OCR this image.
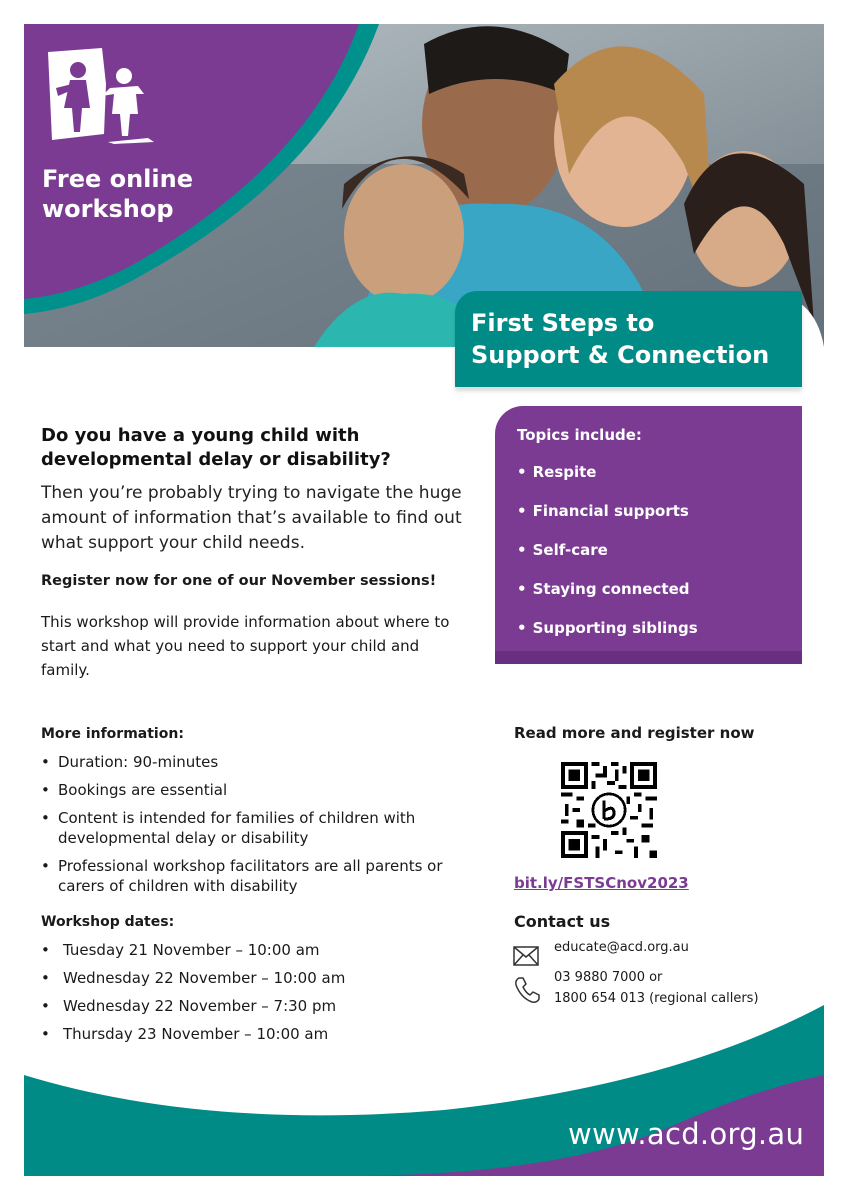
Free online
workshop
First Steps to
Support & Connection
Do you have a young child with developmental delay or disability?
Then you’re probably trying to navigate the huge amount of information that’s available to find out what support your child needs.
Register now for one of our November sessions!
This workshop will provide information about where to start and what you need to support your child and family.
Topics include:
• Respite
• Financial supports
• Self-care
• Staying connected
• Supporting siblings
More information:
• Duration: 90-minutes
• Bookings are essential
• Content is intended for families of children with developmental delay or disability
• Professional workshop facilitators are all parents or carers of children with disability
Workshop dates:
• Tuesday 21 November – 10:00 am
• Wednesday 22 November – 10:00 am
• Wednesday 22 November – 7:30 pm
• Thursday 23 November – 10:00 am
Read more and register now
bit.ly/FSTSCnov2023
Contact us
educate@acd.org.au
03 9880 7000 or
1800 654 013 (regional callers)
www.acd.org.au
